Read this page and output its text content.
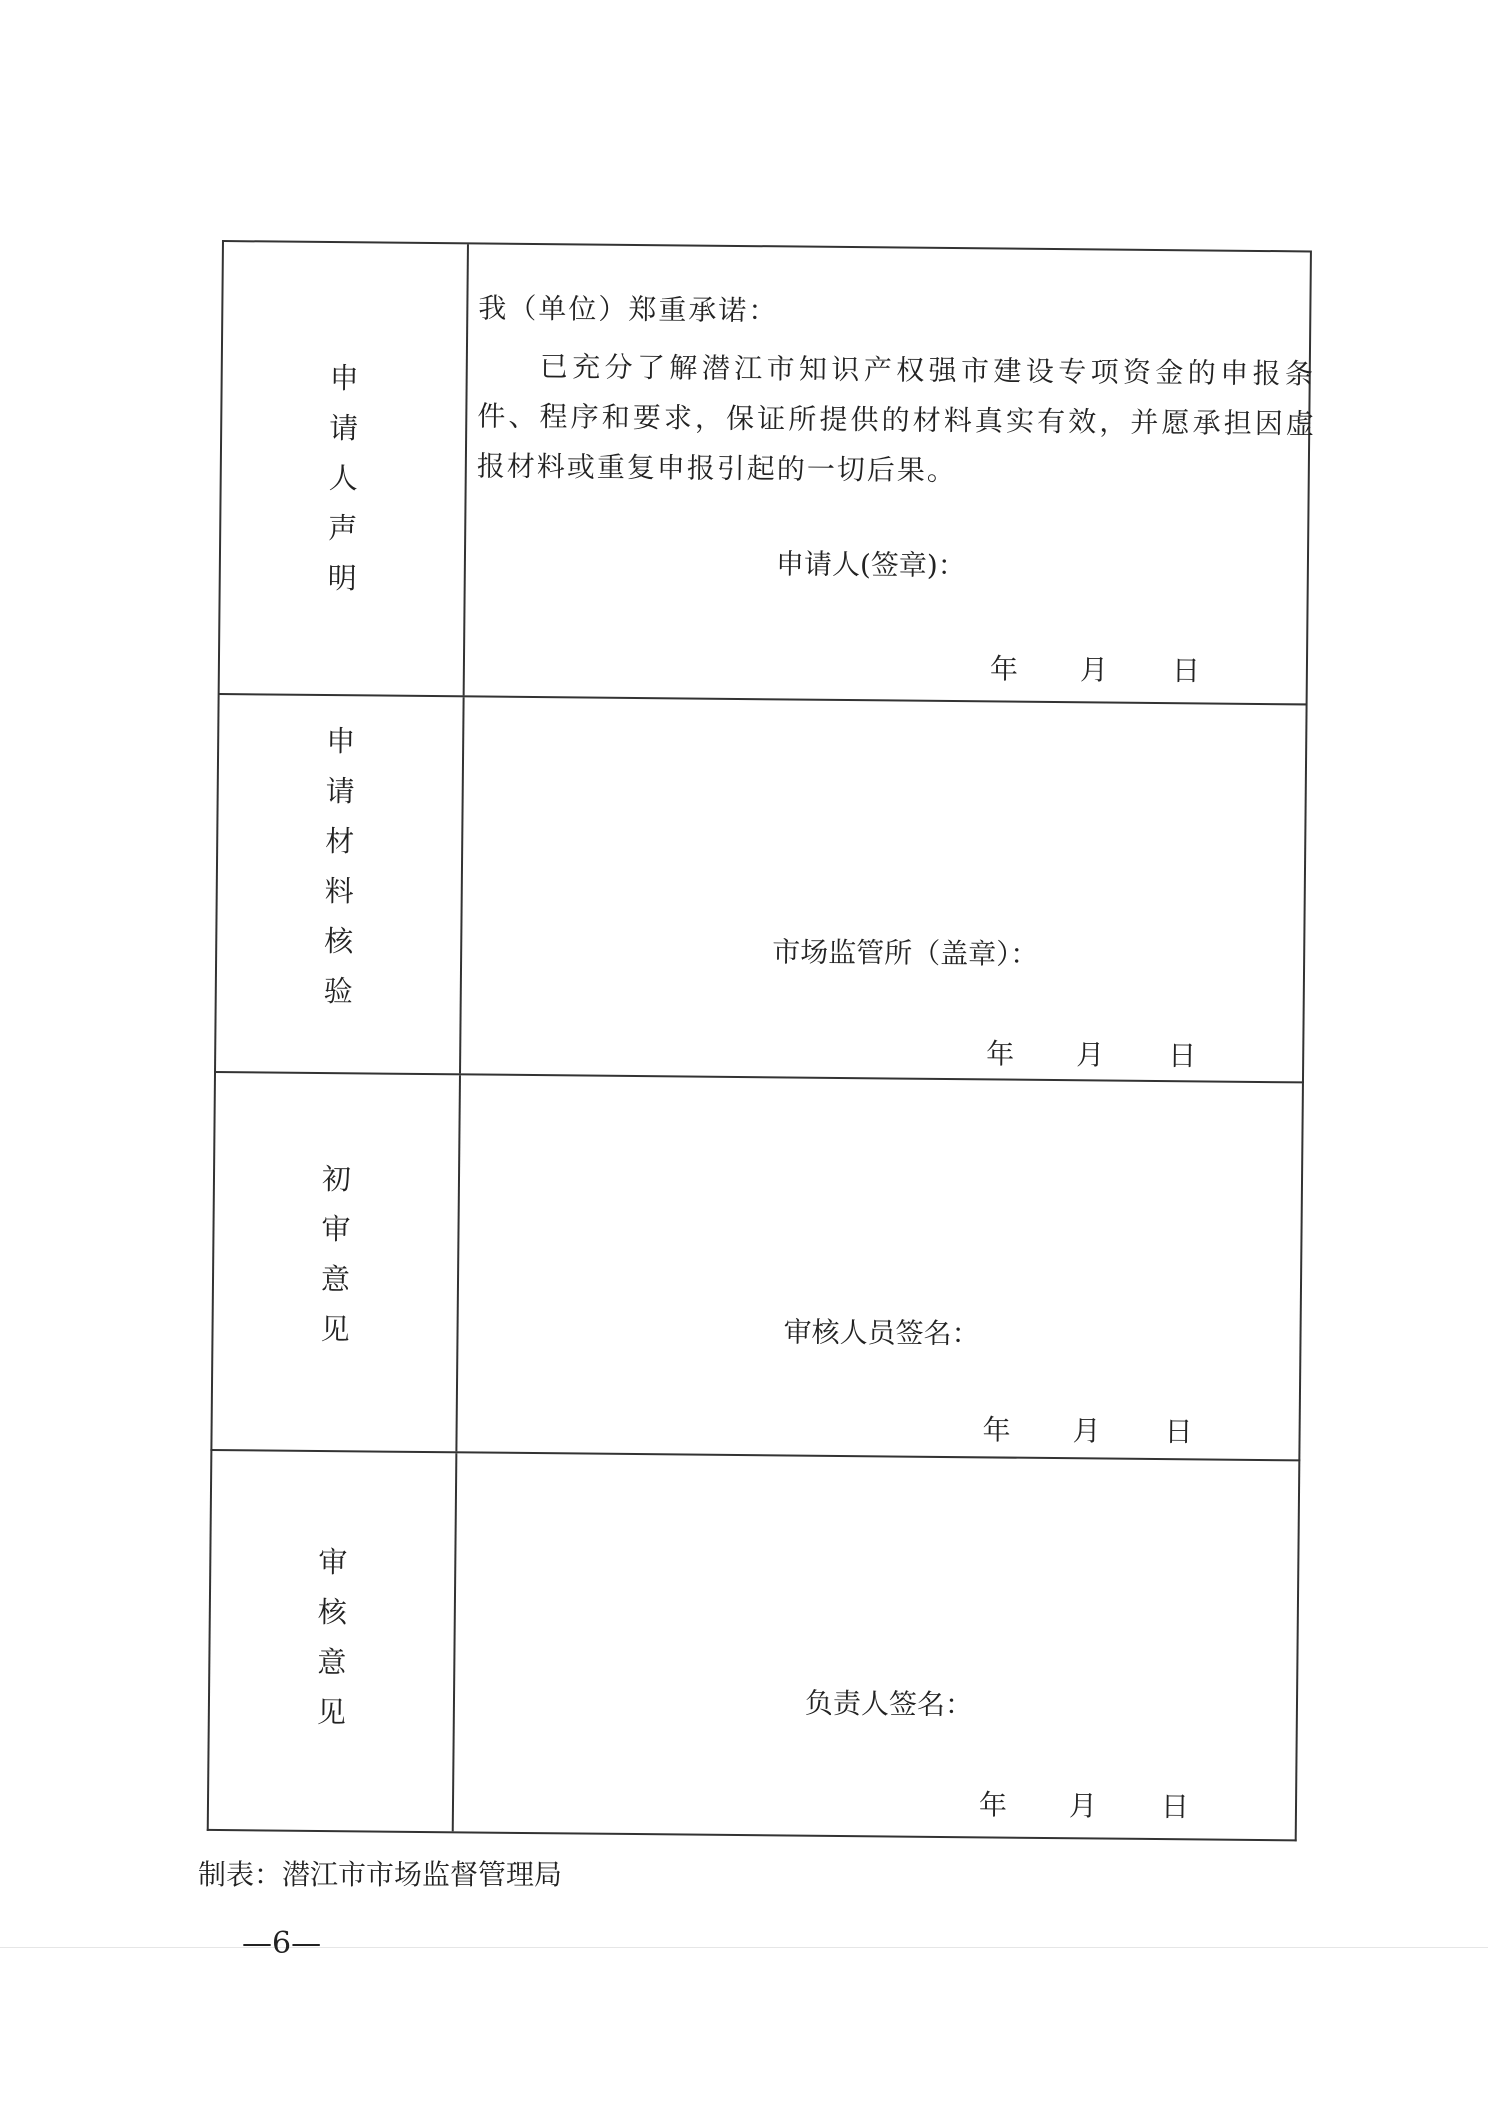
申
请
人
声
明
我（单位）郑重承诺：
已充分了解潜江市知识产权强市建设专项资金的申报条
件、程序和要求，保证所提供的材料真实有效，并愿承担因虚
报材料或重复申报引起的一切后果。
申请人(签章)：
年 月 日
申
请
材
料
核
验
市场监管所（盖章）：
年 月 日
初
审
意
见	审核人员签名：
年 月 日
审
核
意
见	负责人签名：
年 月 日
制表：潜江市市场监督管理局
—6—
